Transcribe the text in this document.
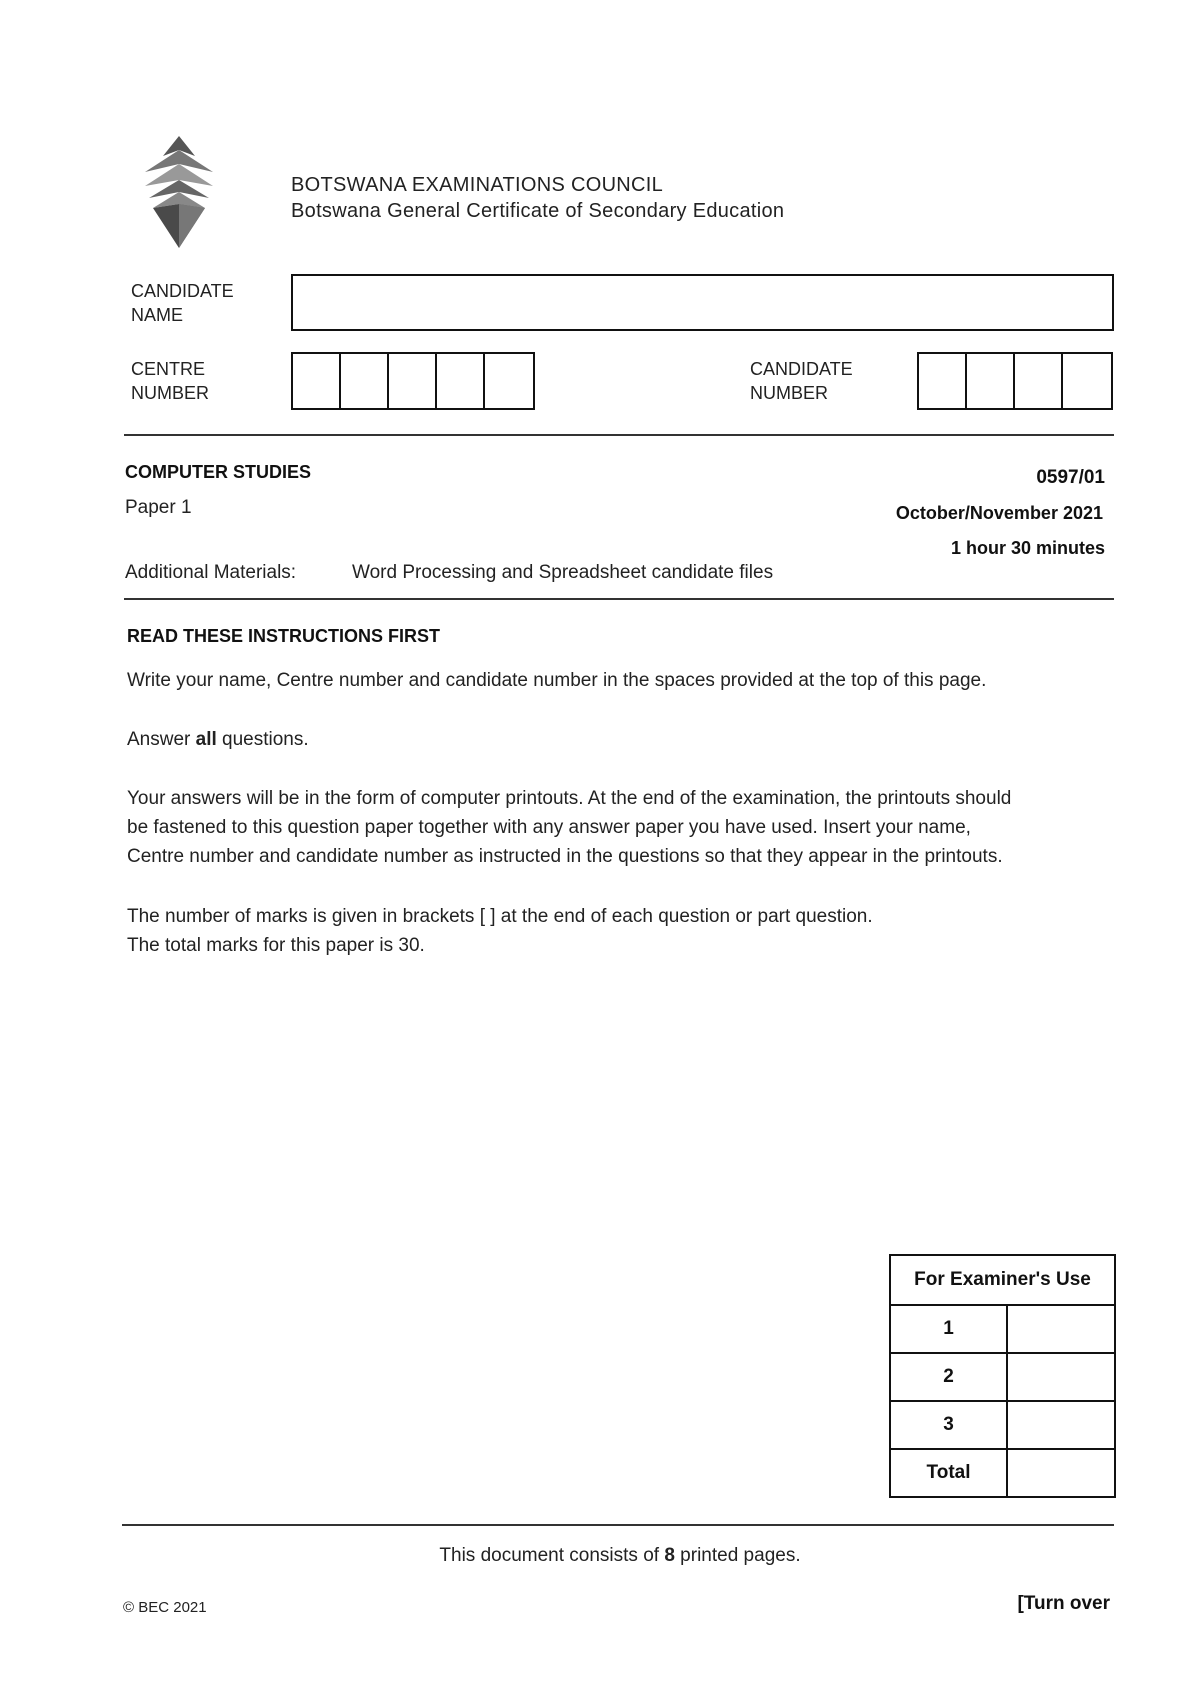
BOTSWANA EXAMINATIONS COUNCIL
Botswana General Certificate of Secondary Education
CANDIDATE
NAME
CENTRE
NUMBER
CANDIDATE
NUMBER
COMPUTER STUDIES
Paper 1
0597/01
October/November 2021
1 hour 30 minutes
Additional Materials:	Word Processing and Spreadsheet candidate files
READ THESE INSTRUCTIONS FIRST
Write your name, Centre number and candidate number in the spaces provided at the top of this page.
Answer all questions.
Your answers will be in the form of computer printouts. At the end of the examination, the printouts should
be fastened to this question paper together with any answer paper you have used. Insert your name,
Centre number and candidate number as instructed in the questions so that they appear in the printouts.
The number of marks is given in brackets [ ] at the end of each question or part question.
The total marks for this paper is 30.
For Examiner's Use	
1	
2	
3	
Total	
This document consists of 8 printed pages.
© BEC 2021	[Turn over
